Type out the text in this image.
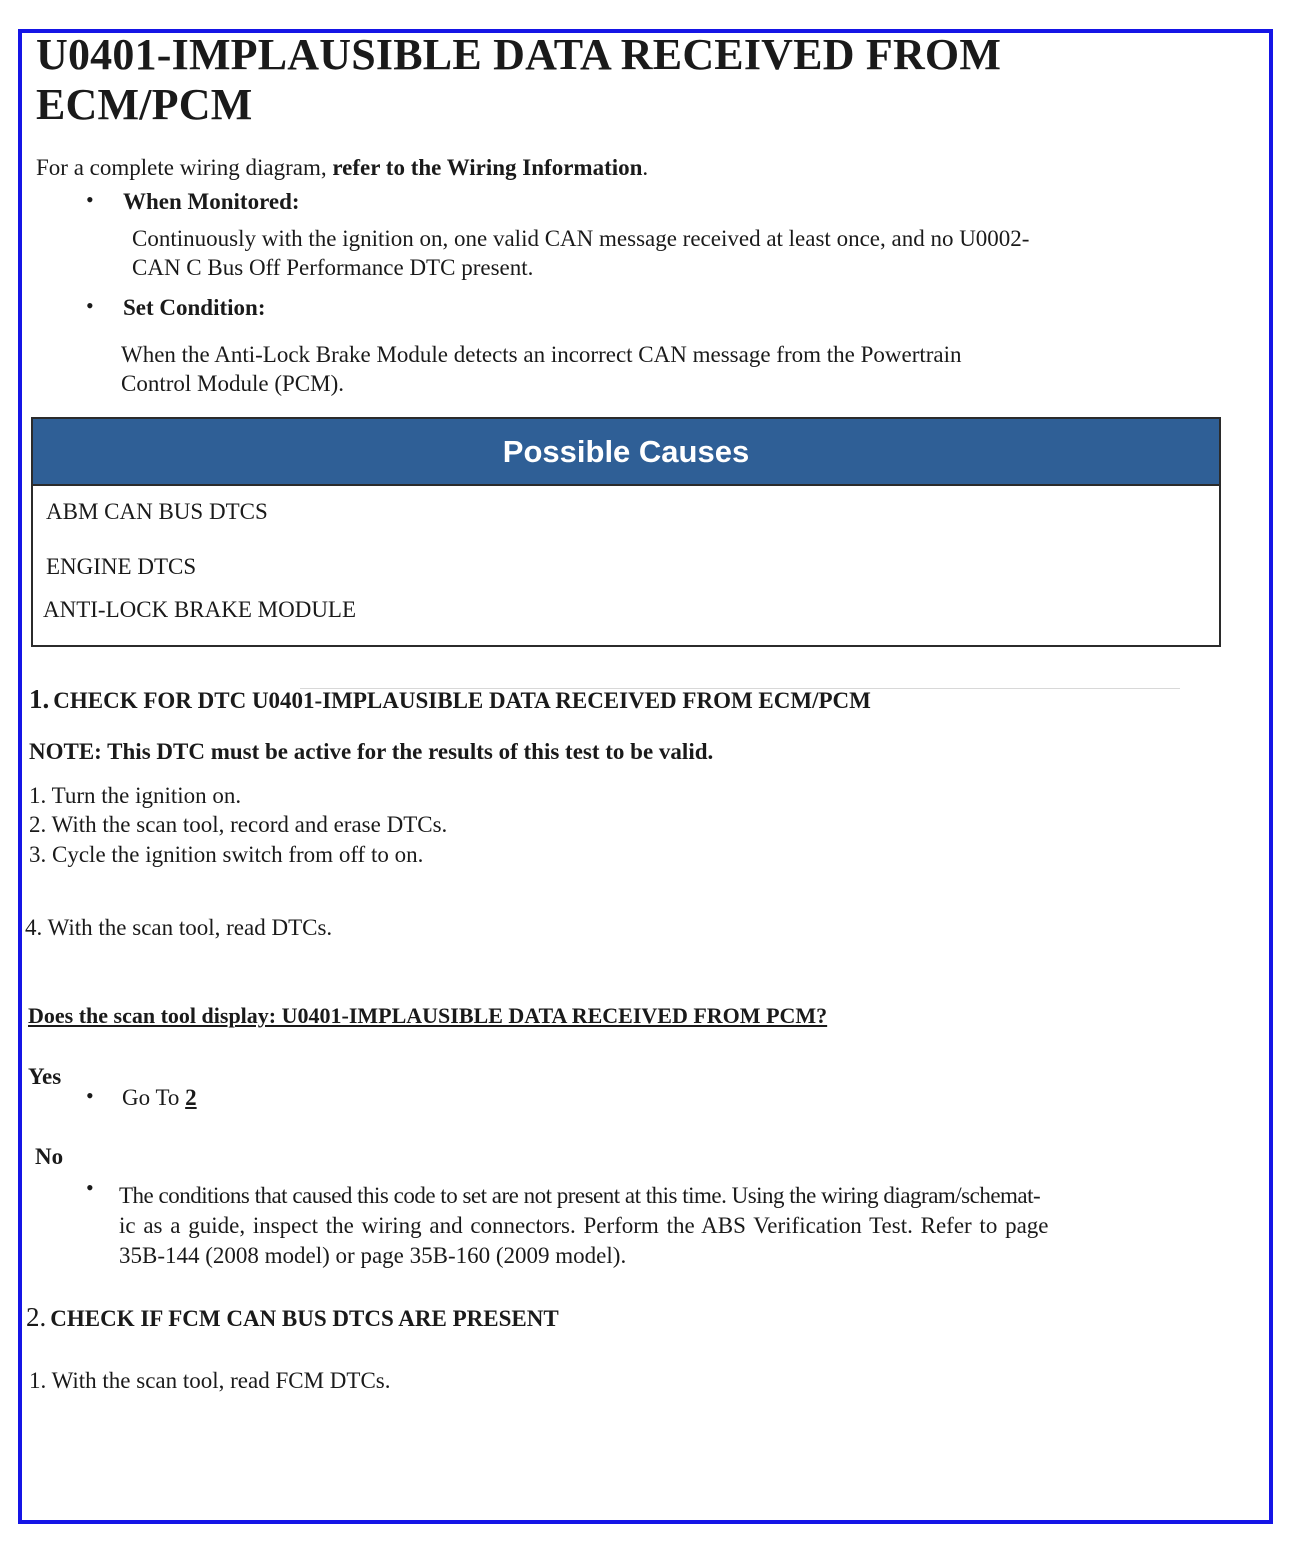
U0401-IMPLAUSIBLE DATA RECEIVED FROM
ECM/PCM
For a complete wiring diagram, refer to the Wiring Information.
• When Monitored:
Continuously with the ignition on, one valid CAN message received at least once, and no U0002-
CAN C Bus Off Performance DTC present.
• Set Condition:
When the Anti-Lock Brake Module detects an incorrect CAN message from the Powertrain
Control Module (PCM).
Possible Causes
ABM CAN BUS DTCS
ENGINE DTCS
ANTI-LOCK BRAKE MODULE
1. CHECK FOR DTC U0401-IMPLAUSIBLE DATA RECEIVED FROM ECM/PCM
NOTE: This DTC must be active for the results of this test to be valid.
1. Turn the ignition on.
2. With the scan tool, record and erase DTCs.
3. Cycle the ignition switch from off to on.
4. With the scan tool, read DTCs.
Does the scan tool display: U0401-IMPLAUSIBLE DATA RECEIVED FROM PCM?
Yes
• Go To 2
No
• The conditions that caused this code to set are not present at this time. Using the wiring diagram/schemat-
ic as a guide, inspect the wiring and connectors. Perform the ABS Verification Test. Refer to page
35B-144 (2008 model) or page 35B-160 (2009 model).
2. CHECK IF FCM CAN BUS DTCS ARE PRESENT
1. With the scan tool, read FCM DTCs.
